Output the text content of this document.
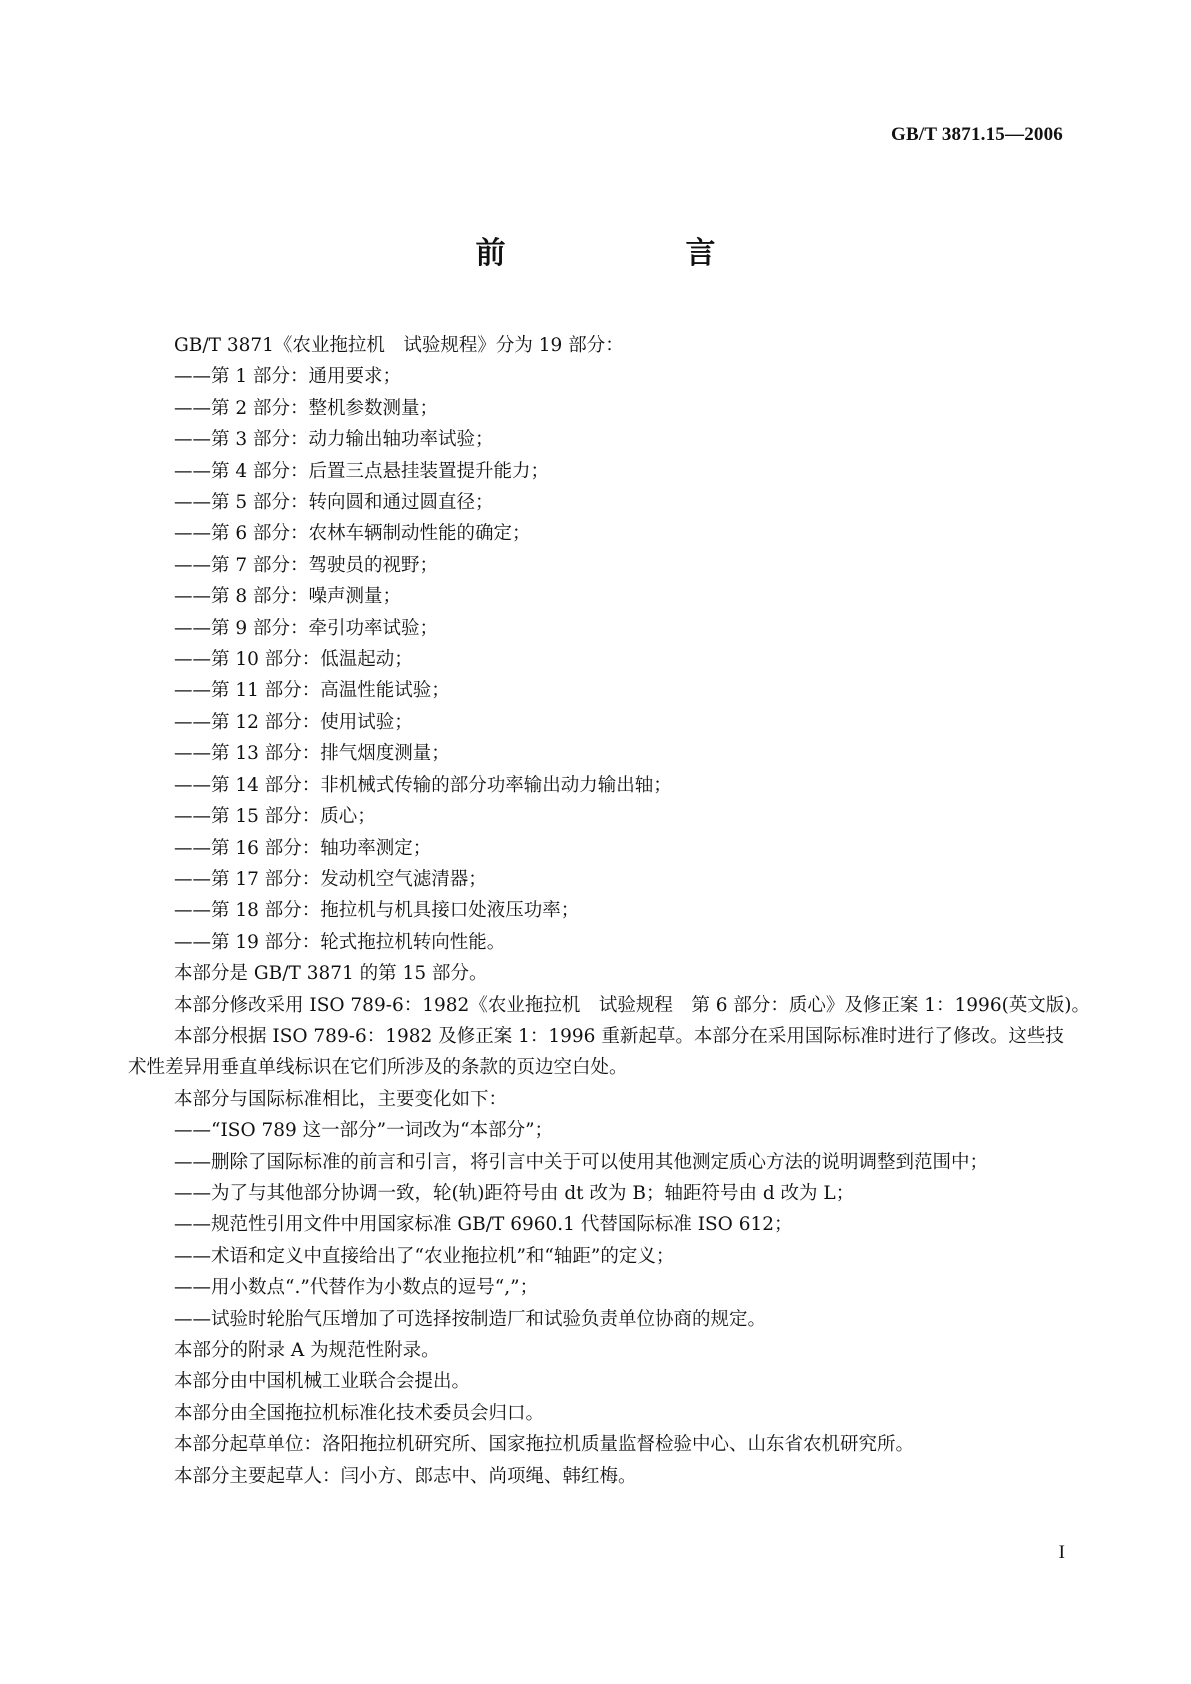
GB/T 3871.15—2006
前　　言
GB/T 3871《农业拖拉机　试验规程》分为 19 部分：
——第 1 部分：通用要求；
——第 2 部分：整机参数测量；
——第 3 部分：动力输出轴功率试验；
——第 4 部分：后置三点悬挂装置提升能力；
——第 5 部分：转向圆和通过圆直径；
——第 6 部分：农林车辆制动性能的确定；
——第 7 部分：驾驶员的视野；
——第 8 部分：噪声测量；
——第 9 部分：牵引功率试验；
——第 10 部分：低温起动；
——第 11 部分：高温性能试验；
——第 12 部分：使用试验；
——第 13 部分：排气烟度测量；
——第 14 部分：非机械式传输的部分功率输出动力输出轴；
——第 15 部分：质心；
——第 16 部分：轴功率测定；
——第 17 部分：发动机空气滤清器；
——第 18 部分：拖拉机与机具接口处液压功率；
——第 19 部分：轮式拖拉机转向性能。
本部分是 GB/T 3871 的第 15 部分。
本部分修改采用 ISO 789-6：1982《农业拖拉机　试验规程　第 6 部分：质心》及修正案 1：1996(英文版)。
本部分根据 ISO 789-6：1982 及修正案 1：1996 重新起草。本部分在采用国际标准时进行了修改。这些技术性差异用垂直单线标识在它们所涉及的条款的页边空白处。
本部分与国际标准相比，主要变化如下：
——“ISO 789 这一部分”一词改为“本部分”；
——删除了国际标准的前言和引言，将引言中关于可以使用其他测定质心方法的说明调整到范围中；
——为了与其他部分协调一致，轮(轨)距符号由 dt 改为 B；轴距符号由 d 改为 L；
——规范性引用文件中用国家标准 GB/T 6960.1 代替国际标准 ISO 612；
——术语和定义中直接给出了“农业拖拉机”和“轴距”的定义；
——用小数点“.”代替作为小数点的逗号“,”；
——试验时轮胎气压增加了可选择按制造厂和试验负责单位协商的规定。
本部分的附录 A 为规范性附录。
本部分由中国机械工业联合会提出。
本部分由全国拖拉机标准化技术委员会归口。
本部分起草单位：洛阳拖拉机研究所、国家拖拉机质量监督检验中心、山东省农机研究所。
本部分主要起草人：闫小方、郎志中、尚项绳、韩红梅。
I
